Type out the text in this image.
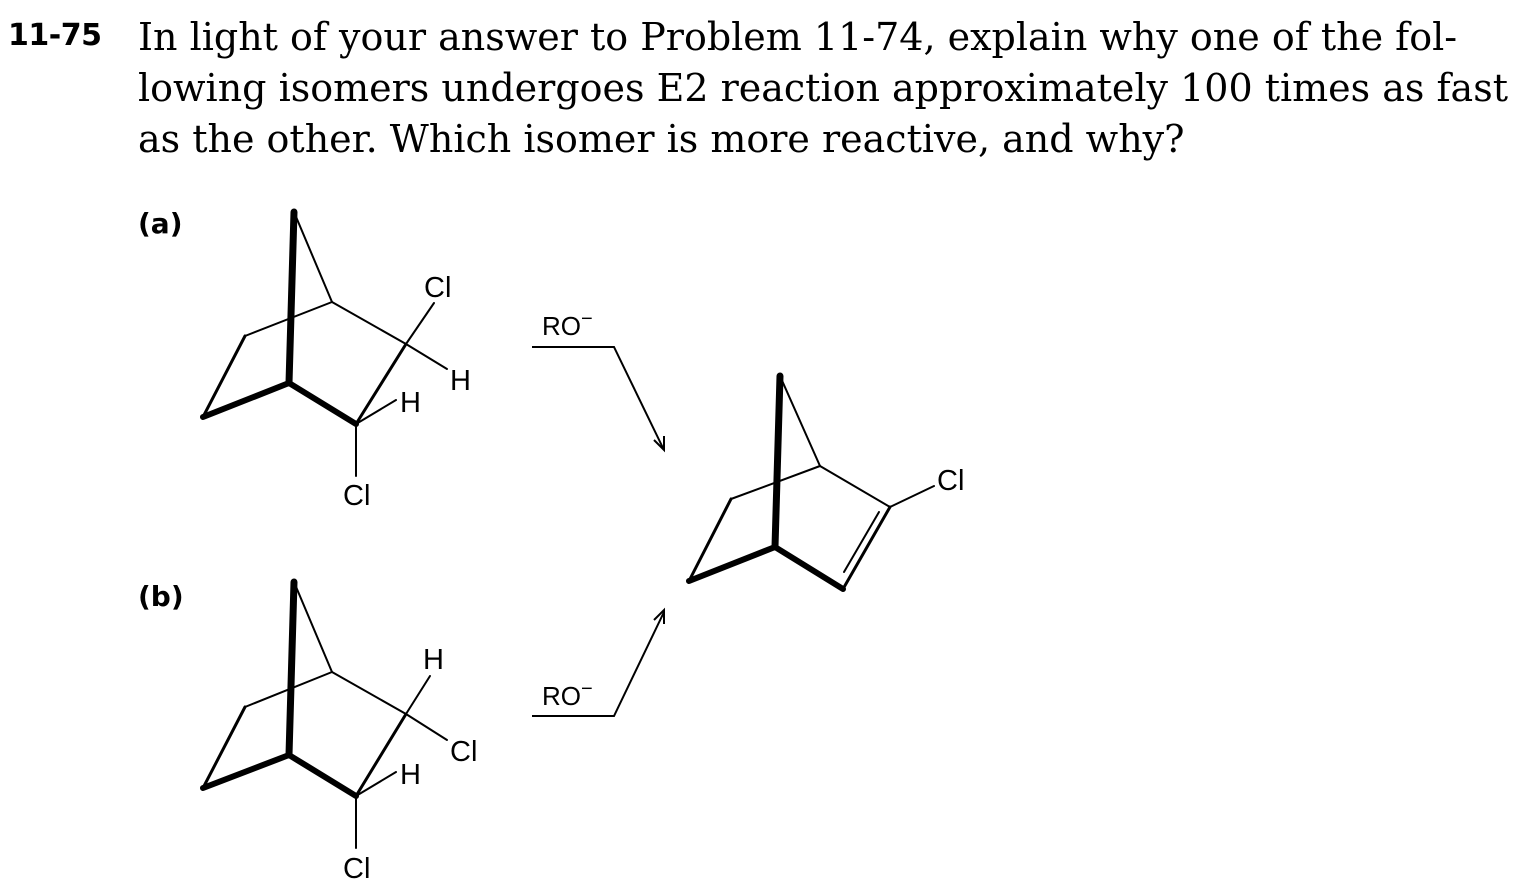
11-75 In light of your answer to Problem 11-74, explain why one of the fol-
lowing isomers undergoes E2 reaction approximately 100 times as fast
as the other. Which isomer is more reactive, and why?
(a)
(b)
Cl
H
H
Cl
H
Cl
H
Cl
RO−
RO−
Cl
